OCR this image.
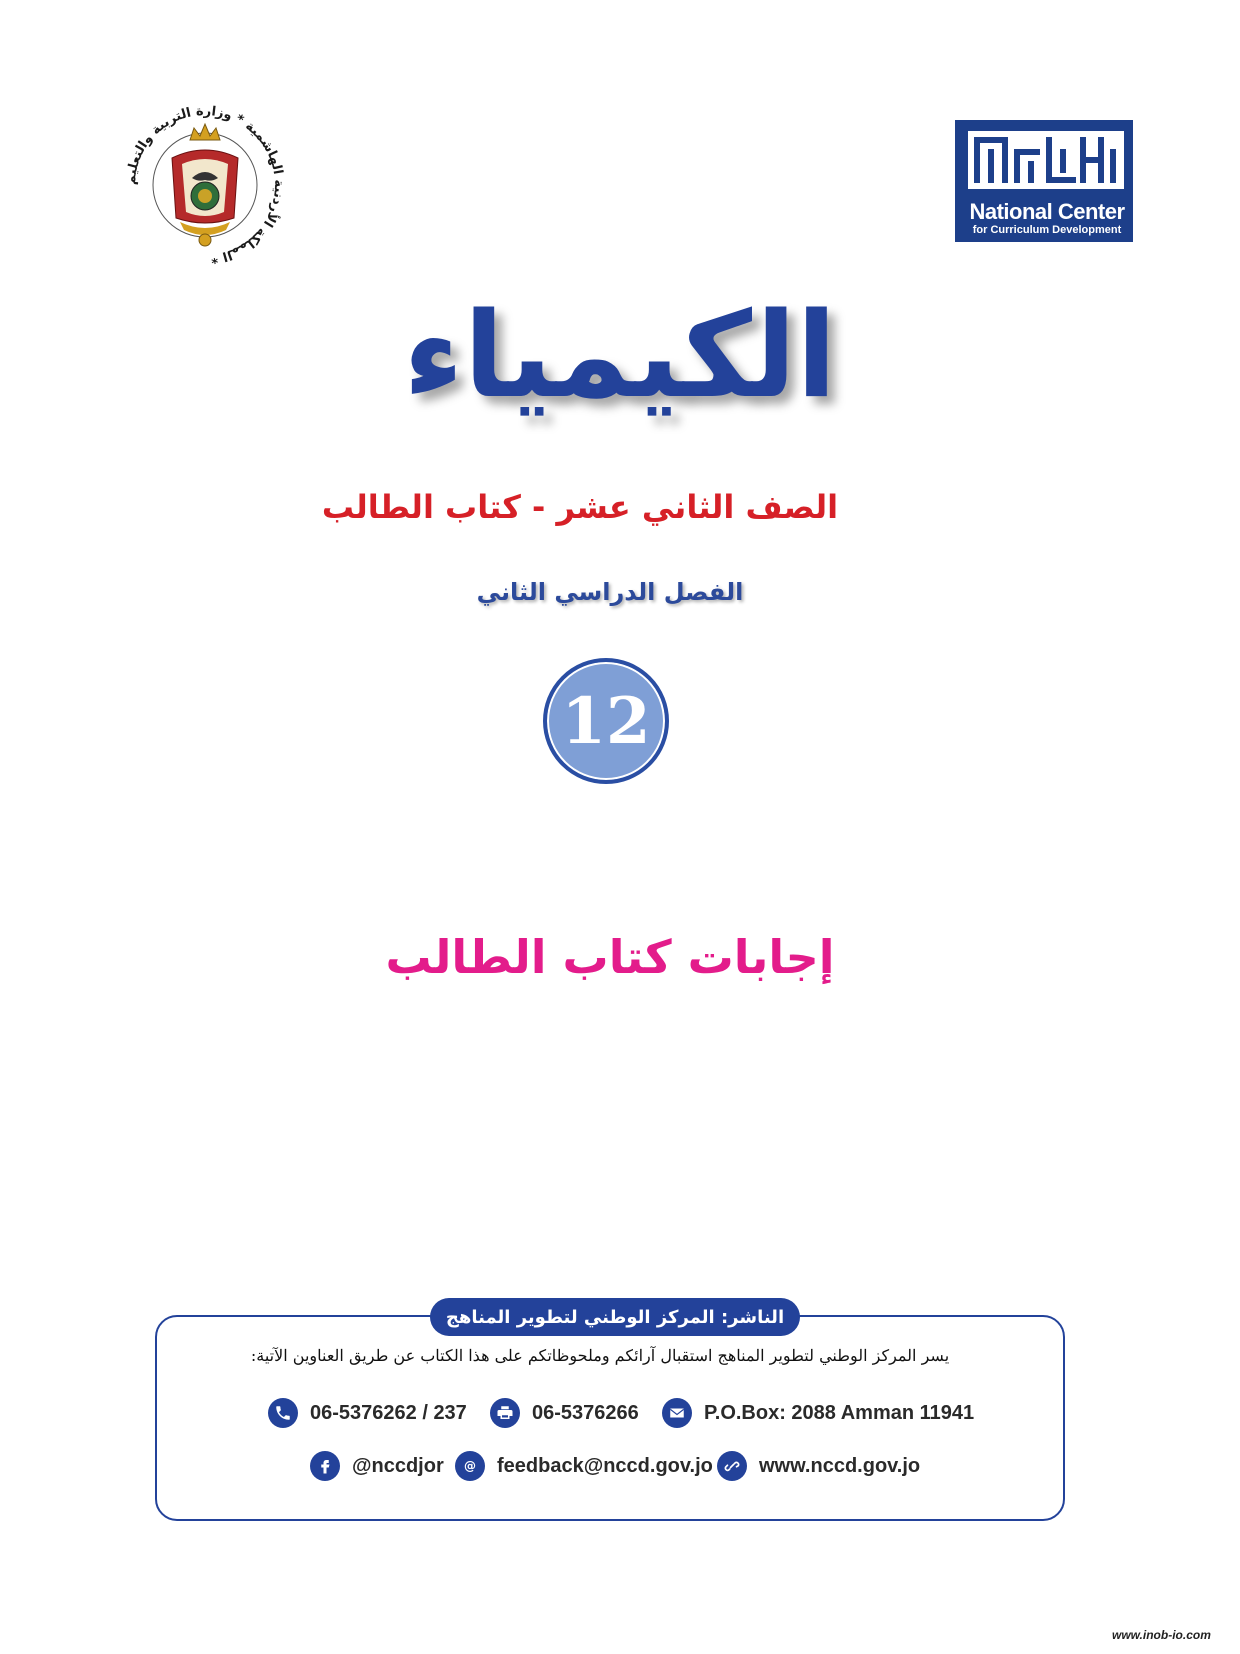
المملكة الأردنية الهاشمية * وزارة التربية والتعليم *
National Center
for Curriculum Development
الكيمياء
الصف الثاني عشر - كتاب الطالب
الفصل الدراسي الثاني
12
إجابات كتاب الطالب
الناشر: المركز الوطني لتطوير المناهج
يسر المركز الوطني لتطوير المناهج استقبال آرائكم وملحوظاتكم على هذا الكتاب عن طريق العناوين الآتية:
06-5376262 / 237	06-5376266	P.O.Box: 2088 Amman 11941
@nccdjor @ feedback@nccd.gov.jo www.nccd.gov.jo
www.inob-io.com
